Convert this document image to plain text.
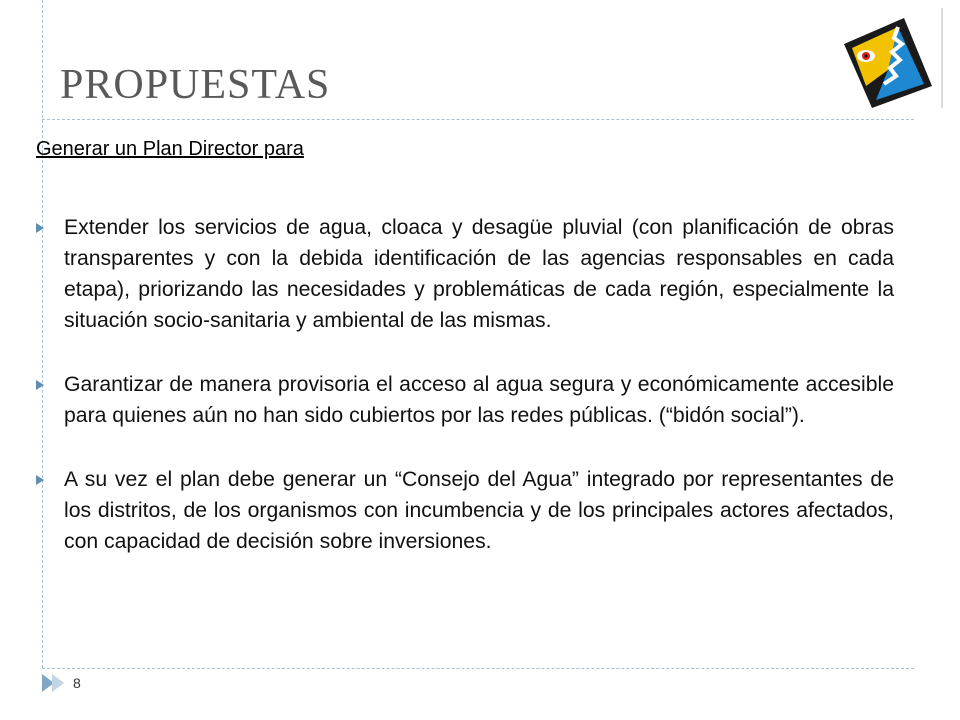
PROPUESTAS
Generar un Plan Director para
Extender los servicios de agua, cloaca y desagüe pluvial (con planificación de obras transparentes y con la debida identificación de las agencias responsables en cada etapa), priorizando las necesidades y problemáticas de cada región, especialmente la situación socio-sanitaria y ambiental de las mismas.
Garantizar de manera provisoria el acceso al agua segura y económicamente accesible para quienes aún no han sido cubiertos por las redes públicas. (“bidón social”).
A su vez el plan debe generar un “Consejo del Agua” integrado por representantes de los distritos, de los organismos con incumbencia y de los principales actores afectados, con capacidad de decisión sobre inversiones.
8
